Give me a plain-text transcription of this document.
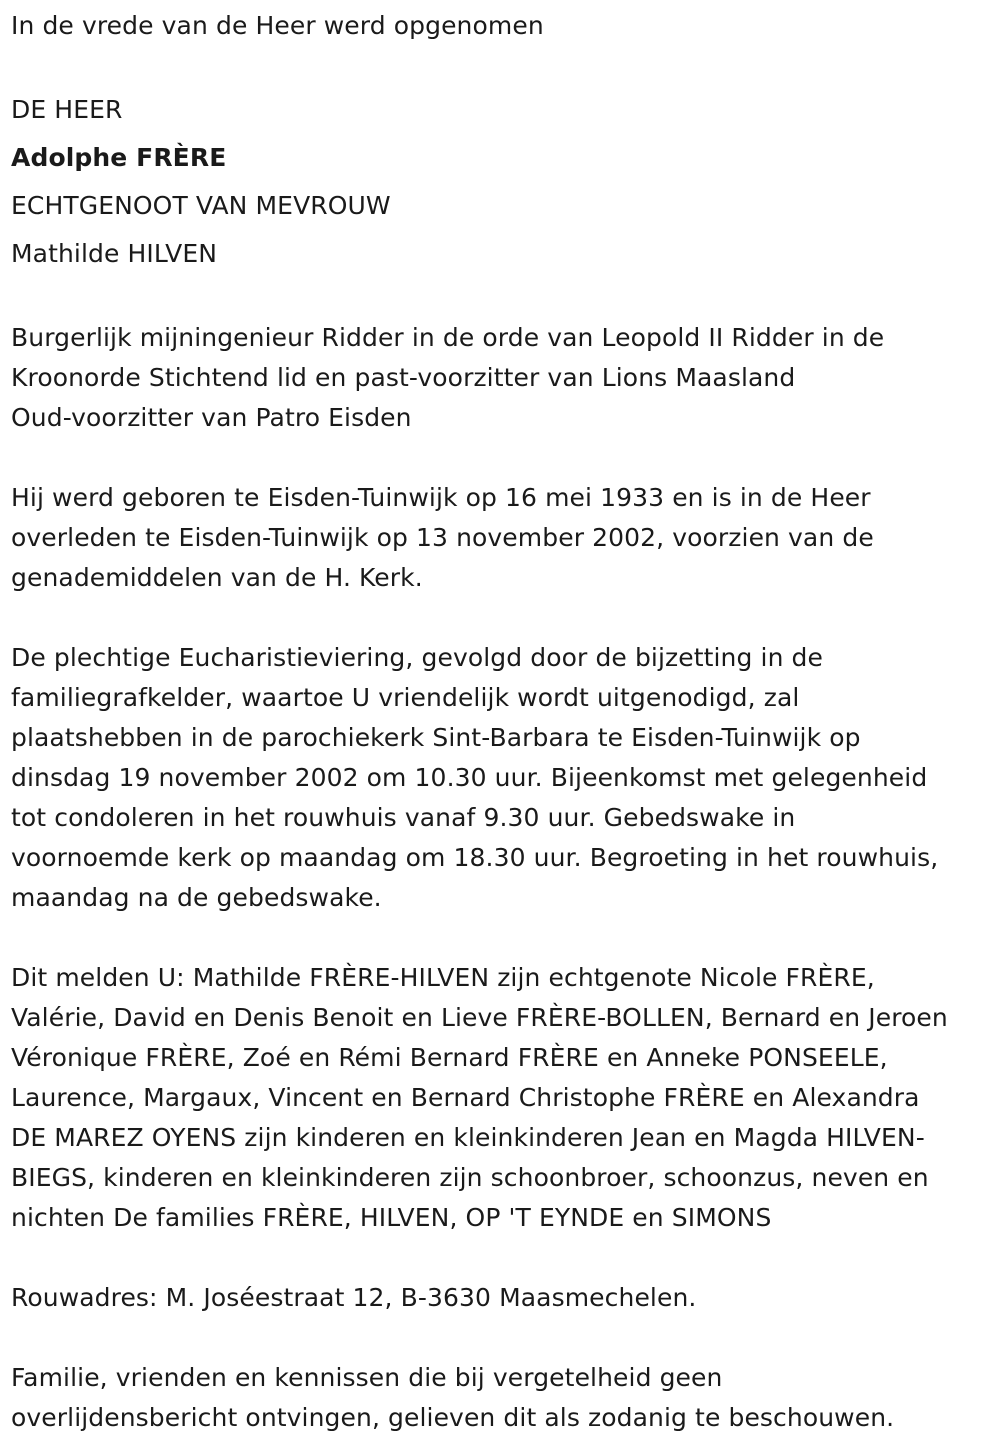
In de vrede van de Heer werd opgenomen

DE HEER

Adolphe FRÈRE

ECHTGENOOT VAN MEVROUW

Mathilde HILVEN

Burgerlijk mijningenieur Ridder in de orde van Leopold II Ridder in de

Kroonorde Stichtend lid en past-voorzitter van Lions Maasland

Oud-voorzitter van Patro Eisden

Hij werd geboren te Eisden-Tuinwijk op 16 mei 1933 en is in de Heer

overleden te Eisden-Tuinwijk op 13 november 2002, voorzien van de

genademiddelen van de H. Kerk.

De plechtige Eucharistieviering, gevolgd door de bijzetting in de

familiegrafkelder, waartoe U vriendelijk wordt uitgenodigd, zal

plaatshebben in de parochiekerk Sint-Barbara te Eisden-Tuinwijk op

dinsdag 19 november 2002 om 10.30 uur. Bijeenkomst met gelegenheid

tot condoleren in het rouwhuis vanaf 9.30 uur. Gebedswake in

voornoemde kerk op maandag om 18.30 uur. Begroeting in het rouwhuis,

maandag na de gebedswake.

Dit melden U: Mathilde FRÈRE-HILVEN zijn echtgenote Nicole FRÈRE,

Valérie, David en Denis Benoit en Lieve FRÈRE-BOLLEN, Bernard en Jeroen

Véronique FRÈRE, Zoé en Rémi Bernard FRÈRE en Anneke PONSEELE,

Laurence, Margaux, Vincent en Bernard Christophe FRÈRE en Alexandra

DE MAREZ OYENS zijn kinderen en kleinkinderen Jean en Magda HILVEN-

BIEGS, kinderen en kleinkinderen zijn schoonbroer, schoonzus, neven en

nichten De families FRÈRE, HILVEN, OP 'T EYNDE en SIMONS

Rouwadres: M. Joséestraat 12, B-3630 Maasmechelen.

Familie, vrienden en kennissen die bij vergetelheid geen

overlijdensbericht ontvingen, gelieven dit als zodanig te beschouwen.
